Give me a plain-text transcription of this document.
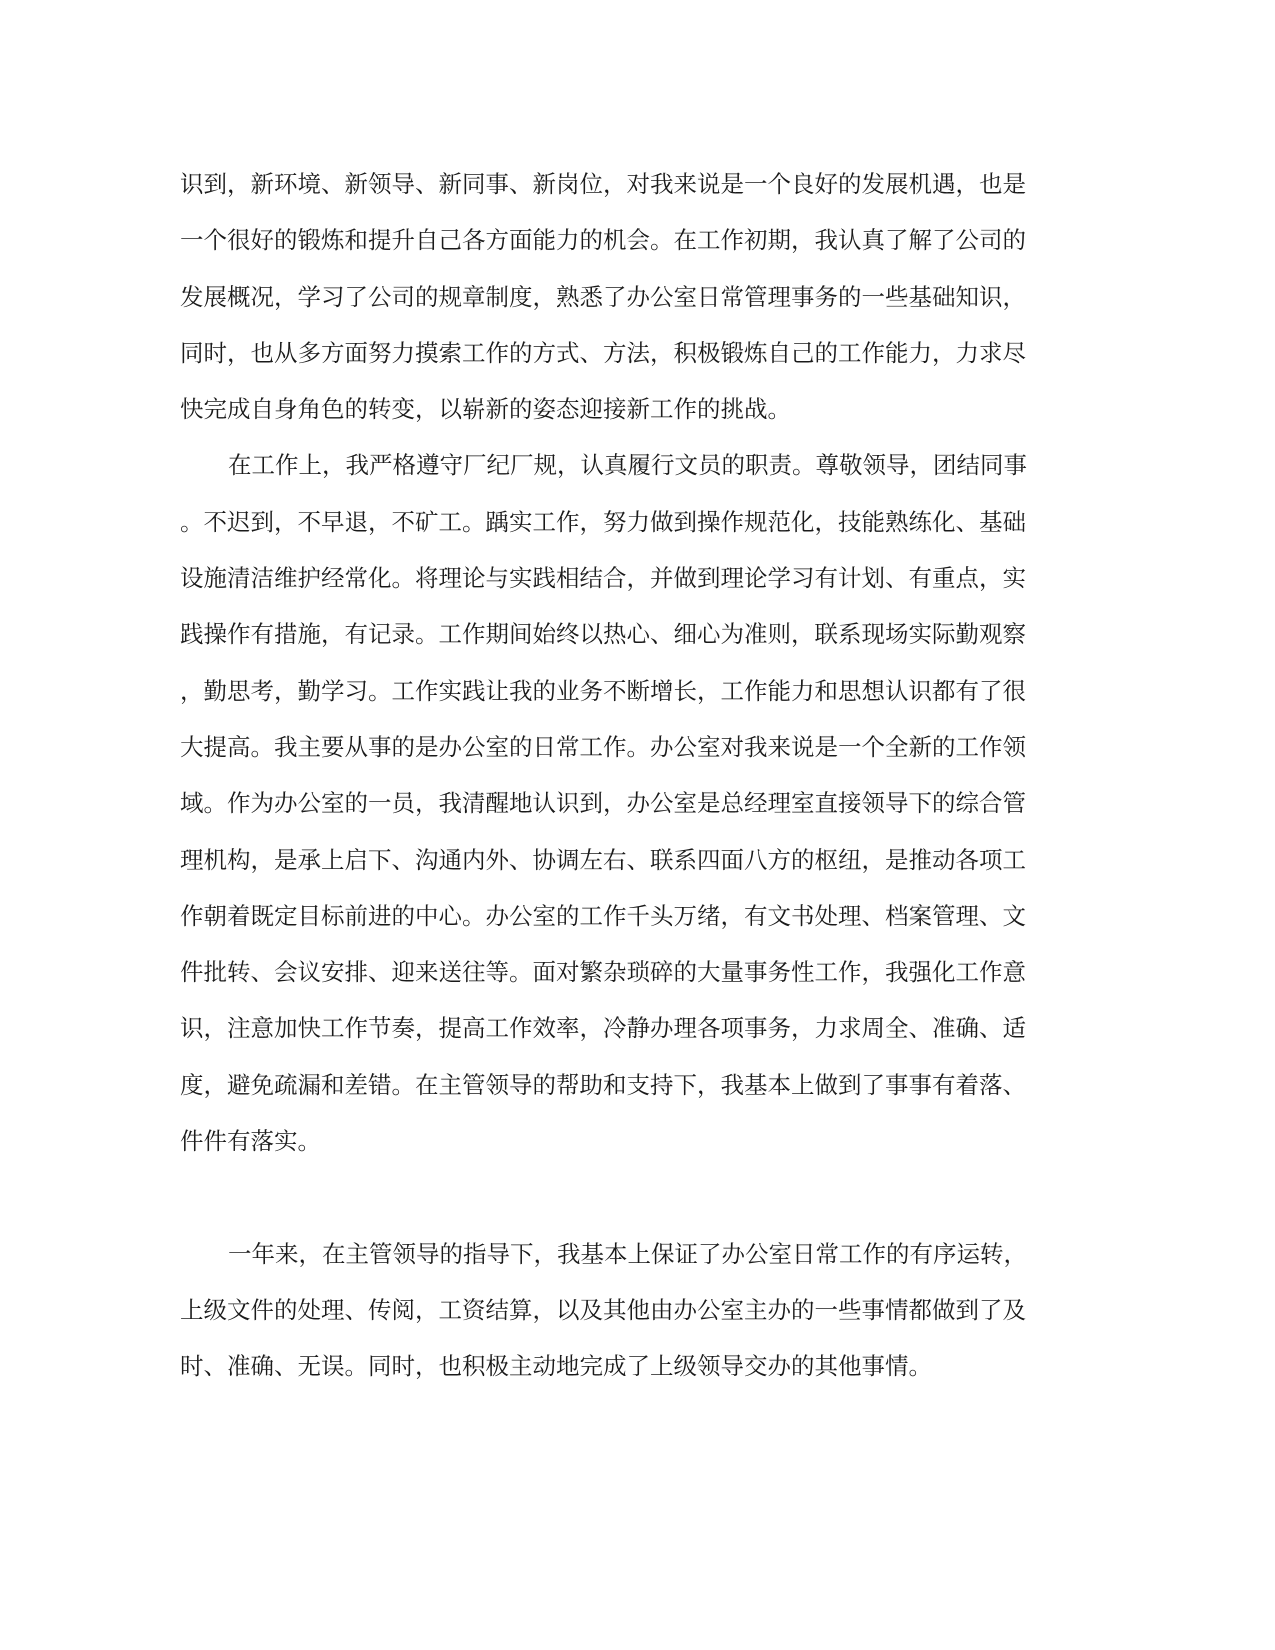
识到，新环境、新领导、新同事、新岗位，对我来说是一个良好的发展机遇，也是
一个很好的锻炼和提升自己各方面能力的机会。在工作初期，我认真了解了公司的
发展概况，学习了公司的规章制度，熟悉了办公室日常管理事务的一些基础知识，
同时，也从多方面努力摸索工作的方式、方法，积极锻炼自己的工作能力，力求尽
快完成自身角色的转变，以崭新的姿态迎接新工作的挑战。
在工作上，我严格遵守厂纪厂规，认真履行文员的职责。尊敬领导，团结同事
。不迟到，不早退，不矿工。踽实工作，努力做到操作规范化，技能熟练化、基础
设施清洁维护经常化。将理论与实践相结合，并做到理论学习有计划、有重点，实
践操作有措施，有记录。工作期间始终以热心、细心为准则，联系现场实际勤观察
，勤思考，勤学习。工作实践让我的业务不断增长，工作能力和思想认识都有了很
大提高。我主要从事的是办公室的日常工作。办公室对我来说是一个全新的工作领
域。作为办公室的一员，我清醒地认识到，办公室是总经理室直接领导下的综合管
理机构，是承上启下、沟通内外、协调左右、联系四面八方的枢纽，是推动各项工
作朝着既定目标前进的中心。办公室的工作千头万绪，有文书处理、档案管理、文
件批转、会议安排、迎来送往等。面对繁杂琐碎的大量事务性工作，我强化工作意
识，注意加快工作节奏，提高工作效率，冷静办理各项事务，力求周全、准确、适
度，避免疏漏和差错。在主管领导的帮助和支持下，我基本上做到了事事有着落、
件件有落实。
一年来，在主管领导的指导下，我基本上保证了办公室日常工作的有序运转，
上级文件的处理、传阅，工资结算，以及其他由办公室主办的一些事情都做到了及
时、准确、无误。同时，也积极主动地完成了上级领导交办的其他事情。
